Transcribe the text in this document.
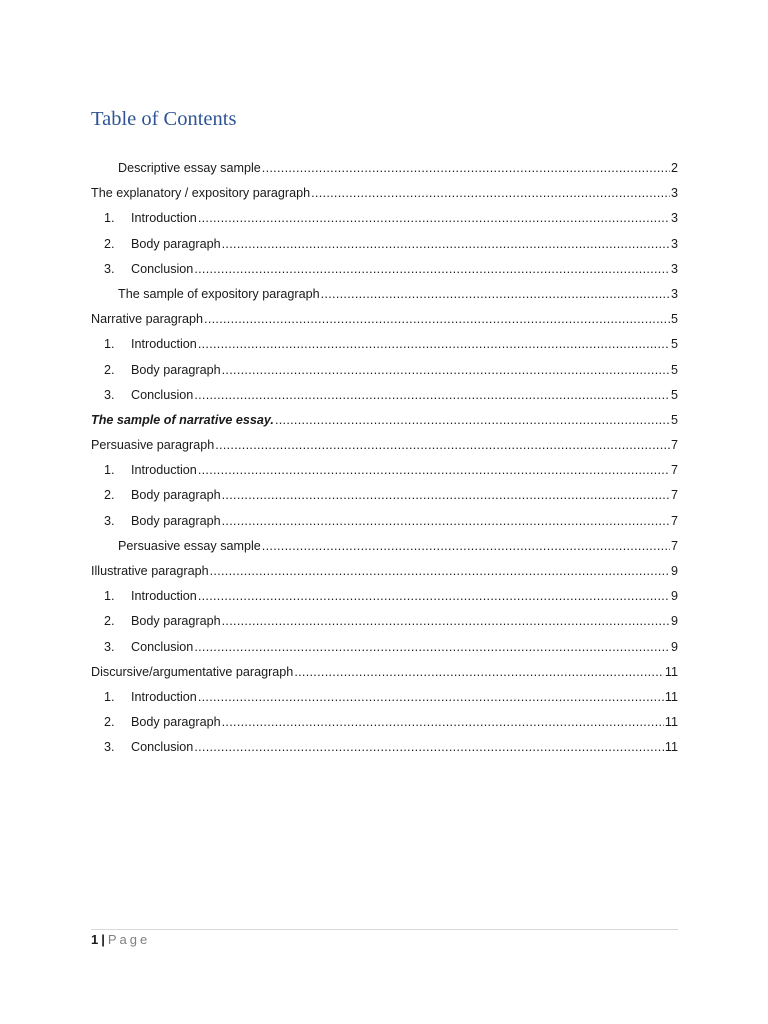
Table of Contents
Descriptive essay sample .....	2
The explanatory / expository paragraph .....	3
1.	Introduction .....	3
2.	Body paragraph .....	3
3.	Conclusion .....	3
The sample of expository paragraph .....	3
Narrative paragraph .....	5
1.	Introduction .....	5
2.	Body paragraph .....	5
3.	Conclusion .....	5
The sample of narrative essay. .....	5
Persuasive paragraph .....	7
1.	Introduction .....	7
2.	Body paragraph .....	7
3.	Body paragraph .....	7
Persuasive essay sample .....	7
Illustrative paragraph .....	9
1.	Introduction .....	9
2.	Body paragraph .....	9
3.	Conclusion .....	9
Discursive/argumentative paragraph .....	11
1.	Introduction .....	11
2.	Body paragraph .....	11
3.	Conclusion .....	11
1 | Page
